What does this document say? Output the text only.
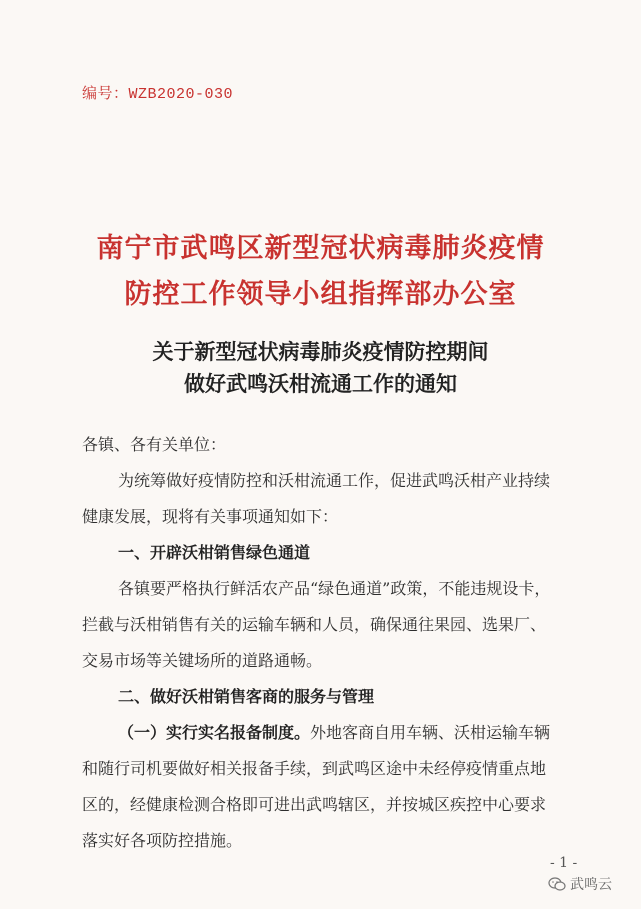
编号：WZB2020-030
南宁市武鸣区新型冠状病毒肺炎疫情
防控工作领导小组指挥部办公室
关于新型冠状病毒肺炎疫情防控期间
做好武鸣沃柑流通工作的通知
各镇、各有关单位：
为统筹做好疫情防控和沃柑流通工作，促进武鸣沃柑产业持续
健康发展，现将有关事项通知如下：
一、开辟沃柑销售绿色通道
各镇要严格执行鲜活农产品“绿色通道”政策，不能违规设卡，
拦截与沃柑销售有关的运输车辆和人员，确保通往果园、选果厂、
交易市场等关键场所的道路通畅。
二、做好沃柑销售客商的服务与管理
（一）实行实名报备制度。外地客商自用车辆、沃柑运输车辆
和随行司机要做好相关报备手续，到武鸣区途中未经停疫情重点地
区的，经健康检测合格即可进出武鸣辖区，并按城区疾控中心要求
落实好各项防控措施。
- 1 -
武鸣云
